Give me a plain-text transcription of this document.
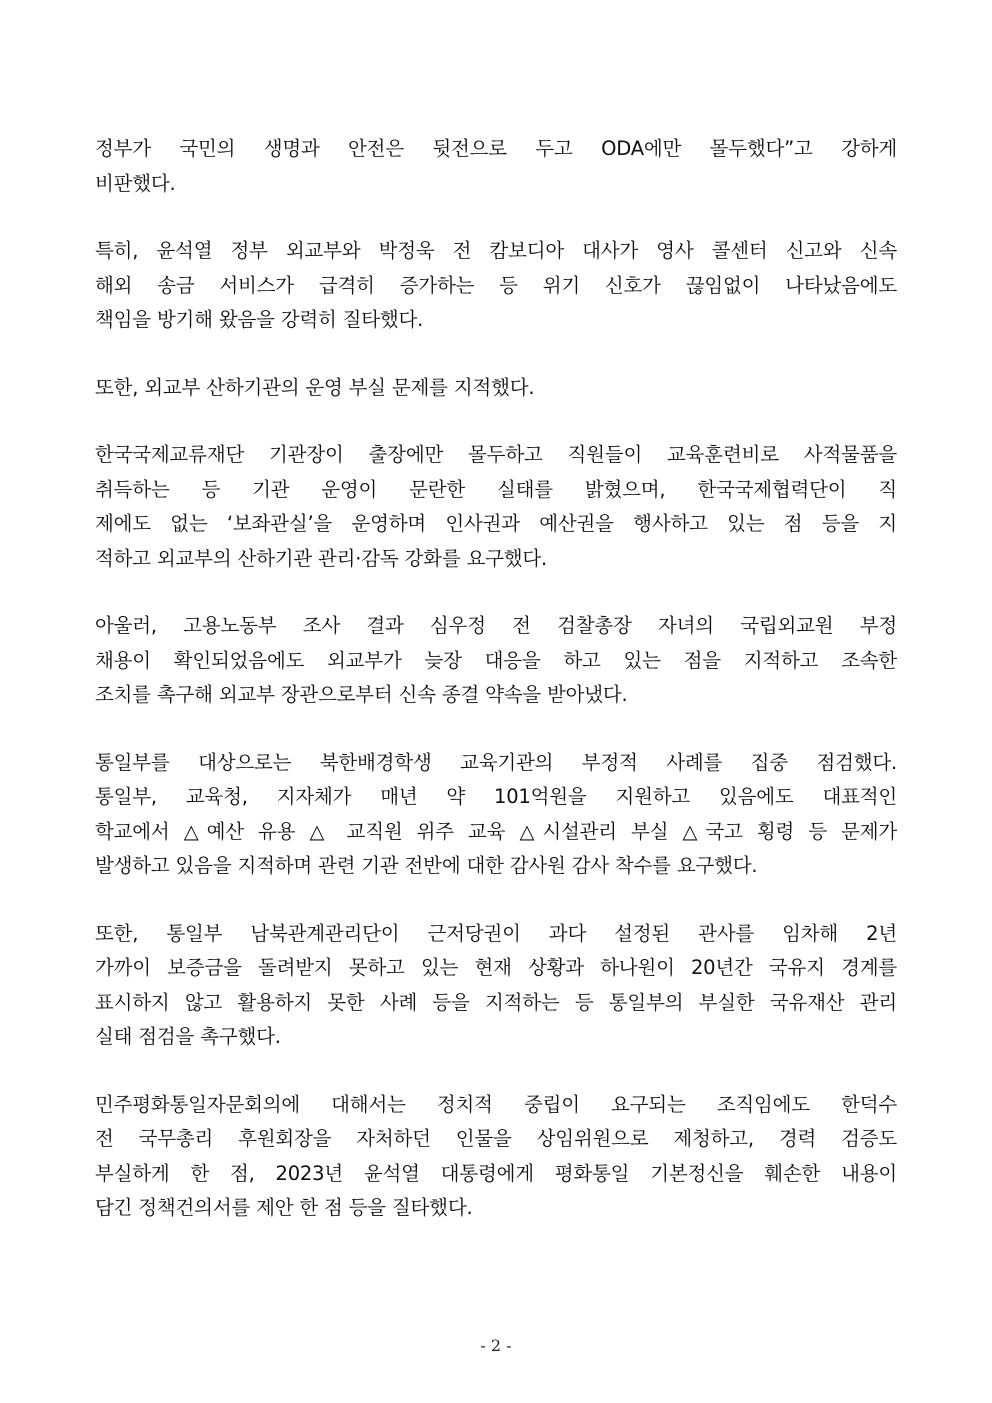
정부가 국민의 생명과 안전은 뒷전으로 두고 ODA에만 몰두했다”고 강하게
비판했다.
특히, 윤석열 정부 외교부와 박정욱 전 캄보디아 대사가 영사 콜센터 신고와 신속
해외 송금 서비스가 급격히 증가하는 등 위기 신호가 끊임없이 나타났음에도
책임을 방기해 왔음을 강력히 질타했다.
또한, 외교부 산하기관의 운영 부실 문제를 지적했다.
한국국제교류재단 기관장이 출장에만 몰두하고 직원들이 교육훈련비로 사적물품을
취득하는 등 기관 운영이 문란한 실태를 밝혔으며, 한국국제협력단이 직
제에도 없는 ‘보좌관실’을 운영하며 인사권과 예산권을 행사하고 있는 점 등을 지
적하고 외교부의 산하기관 관리·감독 강화를 요구했다.
아울러, 고용노동부 조사 결과 심우정 전 검찰총장 자녀의 국립외교원 부정
채용이 확인되었음에도 외교부가 늦장 대응을 하고 있는 점을 지적하고 조속한
조치를 촉구해 외교부 장관으로부터 신속 종결 약속을 받아냈다.
통일부를 대상으로는 북한배경학생 교육기관의 부정적 사례를 집중 점검했다.
통일부, 교육청, 지자체가 매년 약 101억원을 지원하고 있음에도 대표적인
학교에서 △예산 유용 △ 교직원 위주 교육 △시설관리 부실 △국고 횡령 등 문제가
발생하고 있음을 지적하며 관련 기관 전반에 대한 감사원 감사 착수를 요구했다.
또한, 통일부 남북관계관리단이 근저당권이 과다 설정된 관사를 임차해 2년
가까이 보증금을 돌려받지 못하고 있는 현재 상황과 하나원이 20년간 국유지 경계를
표시하지 않고 활용하지 못한 사례 등을 지적하는 등 통일부의 부실한 국유재산 관리
실태 점검을 촉구했다.
민주평화통일자문회의에 대해서는 정치적 중립이 요구되는 조직임에도 한덕수
전 국무총리 후원회장을 자처하던 인물을 상임위원으로 제청하고, 경력 검증도
부실하게 한 점, 2023년 윤석열 대통령에게 평화통일 기본정신을 훼손한 내용이
담긴 정책건의서를 제안 한 점 등을 질타했다.
- 2 -
